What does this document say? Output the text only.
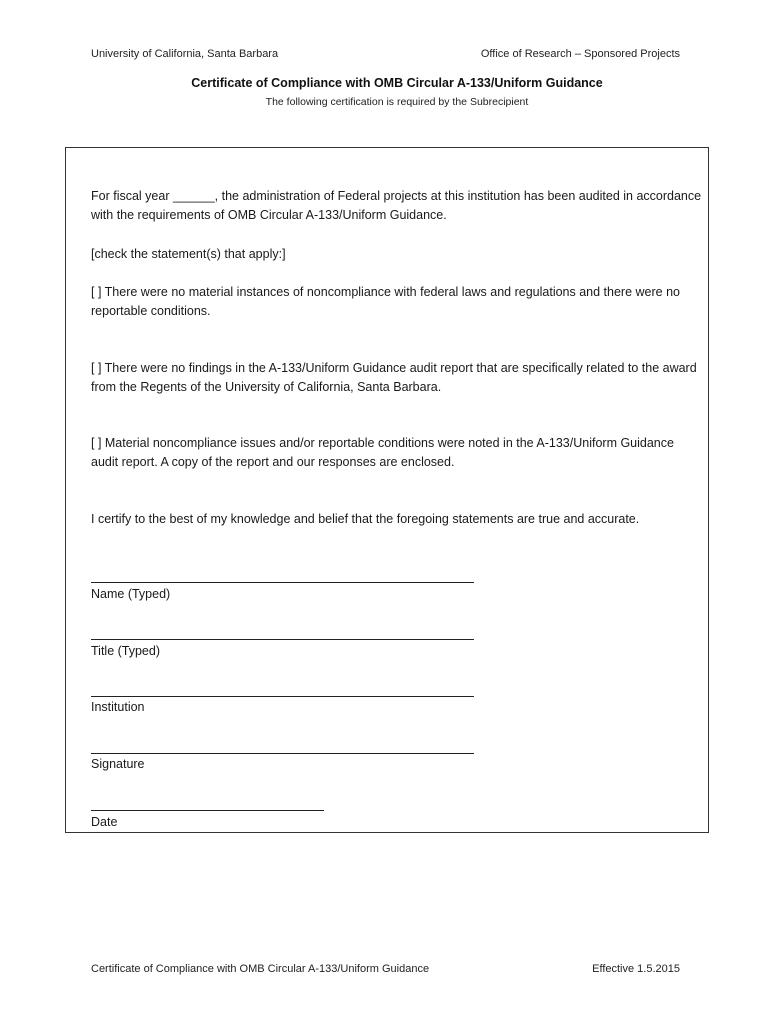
University of California, Santa Barbara	Office of Research – Sponsored Projects
Certificate of Compliance with OMB Circular A-133/Uniform Guidance
The following certification is required by the Subrecipient

For fiscal year ______, the administration of Federal projects at this institution has been audited in accordance with the requirements of OMB Circular A-133/Uniform Guidance.

[check the statement(s) that apply:]

[ ] There were no material instances of noncompliance with federal laws and regulations and there were no reportable conditions.

[ ] There were no findings in the A-133/Uniform Guidance audit report that are specifically related to the award from the Regents of the University of California, Santa Barbara.

[ ] Material noncompliance issues and/or reportable conditions were noted in the A-133/Uniform Guidance audit report. A copy of the report and our responses are enclosed.

I certify to the best of my knowledge and belief that the foregoing statements are true and accurate.

Name (Typed)
Title (Typed)
Institution
Signature
Date
Certificate of Compliance with OMB Circular A-133/Uniform Guidance	Effective 1.5.2015
